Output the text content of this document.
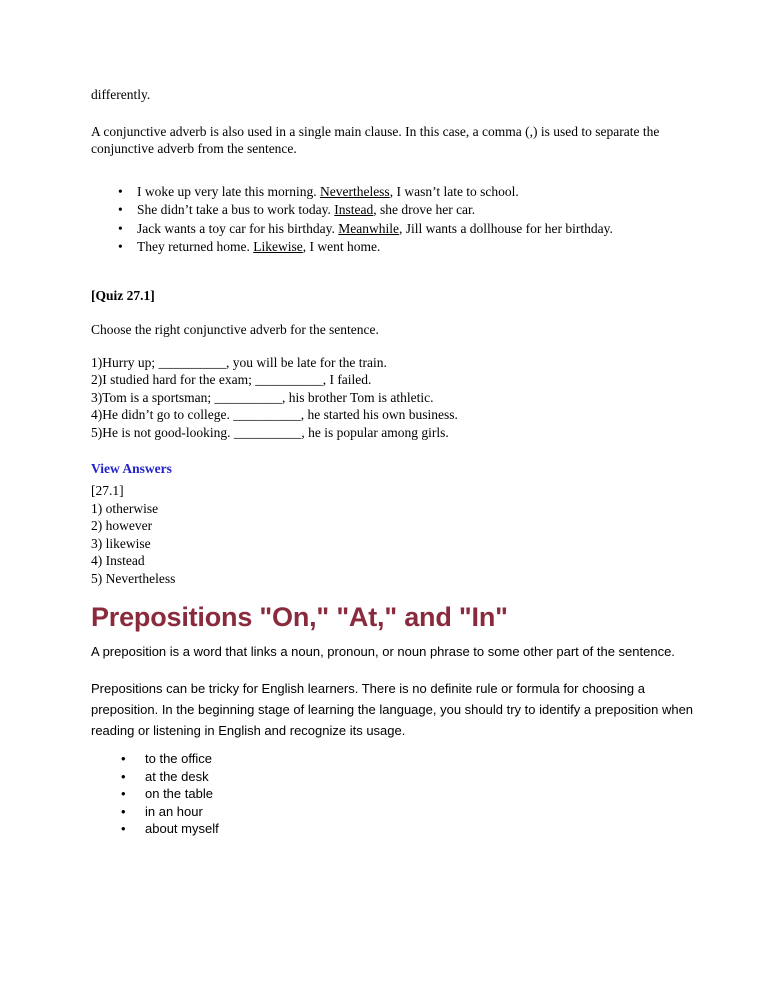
differently.

A conjunctive adverb is also used in a single main clause. In this case, a comma (,) is used to separate the conjunctive adverb from the sentence.

• I woke up very late this morning. Nevertheless, I wasn’t late to school.
• She didn’t take a bus to work today. Instead, she drove her car.
• Jack wants a toy car for his birthday. Meanwhile, Jill wants a dollhouse for her birthday.
• They returned home. Likewise, I went home.

[Quiz 27.1]

Choose the right conjunctive adverb for the sentence.

1)Hurry up; __________, you will be late for the train.
2)I studied hard for the exam; __________, I failed.
3)Tom is a sportsman; __________, his brother Tom is athletic.
4)He didn’t go to college. __________, he started his own business.
5)He is not good-looking. __________, he is popular among girls.
View Answers
[27.1]
1) otherwise
2) however
3) likewise
4) Instead
5) Nevertheless
Prepositions "On," "At," and "In"

A preposition is a word that links a noun, pronoun, or noun phrase to some other part of the sentence.

Prepositions can be tricky for English learners. There is no definite rule or formula for choosing a preposition. In the beginning stage of learning the language, you should try to identify a preposition when reading or listening in English and recognize its usage.

• to the office
• at the desk
• on the table
• in an hour
• about myself
